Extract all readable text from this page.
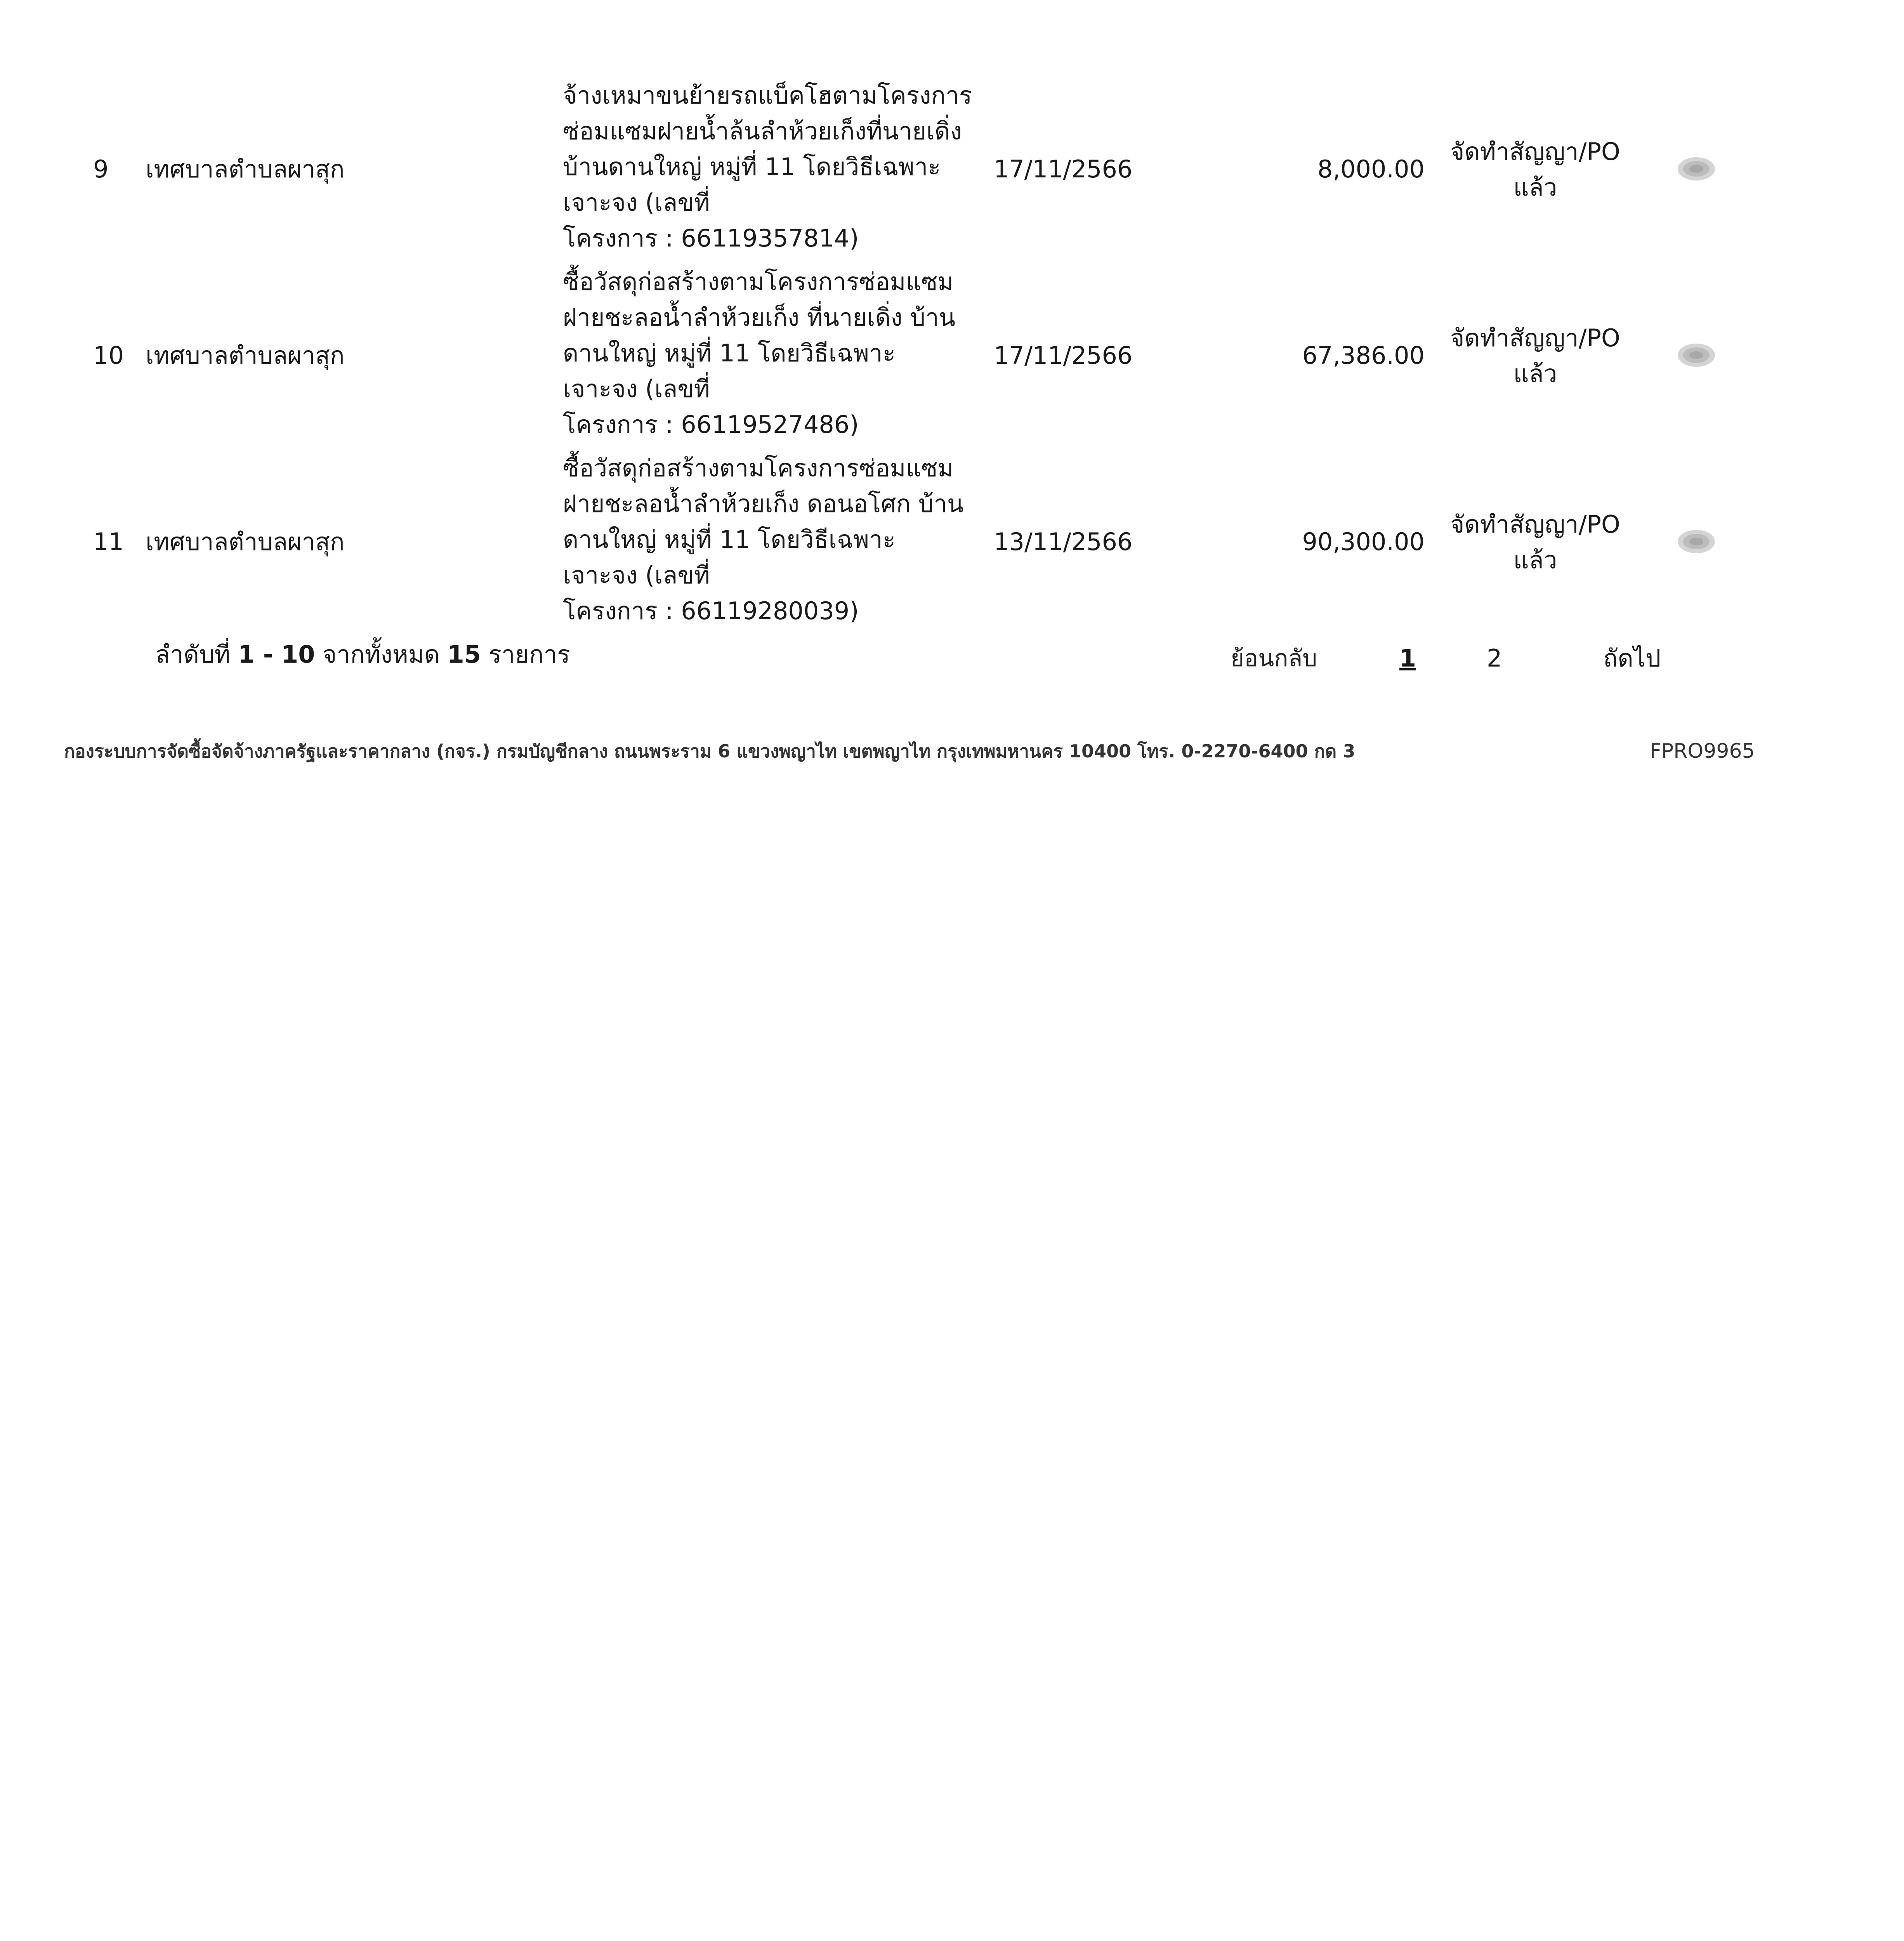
9 เทศบาลตำบลผาสุก
จ้างเหมาขนย้ายรถแบ็คโฮตามโครงการ
ซ่อมแซมฝายน้ำล้นลำห้วยเก็งที่นายเดิ่ง
บ้านดานใหญ่ หมู่ที่ 11 โดยวิธีเฉพาะ
เจาะจง (เลขที่
โครงการ : 66119357814)
17/11/2566	8,000.00
จัดทำสัญญา/PO
แล้ว
10 เทศบาลตำบลผาสุก
ซื้อวัสดุก่อสร้างตามโครงการซ่อมแซม
ฝายชะลอน้ำลำห้วยเก็ง ที่นายเดิ่ง บ้าน
ดานใหญ่ หมู่ที่ 11 โดยวิธีเฉพาะ
เจาะจง (เลขที่
โครงการ : 66119527486)
17/11/2566	67,386.00
จัดทำสัญญา/PO
แล้ว
11 เทศบาลตำบลผาสุก
ซื้อวัสดุก่อสร้างตามโครงการซ่อมแซม
ฝายชะลอน้ำลำห้วยเก็ง ดอนอโศก บ้าน
ดานใหญ่ หมู่ที่ 11 โดยวิธีเฉพาะ
เจาะจง (เลขที่
โครงการ : 66119280039)
13/11/2566	90,300.00
จัดทำสัญญา/PO
แล้ว
ลำดับที่ 1 - 10 จากทั้งหมด 15 รายการ	ย้อนกลับ	1	2	ถัดไป
กองระบบการจัดซื้อจัดจ้างภาครัฐและราคากลาง (กจร.) กรมบัญชีกลาง ถนนพระราม 6 แขวงพญาไท เขตพญาไท กรุงเทพมหานคร 10400 โทร. 0-2270-6400 กด 3	FPRO9965
